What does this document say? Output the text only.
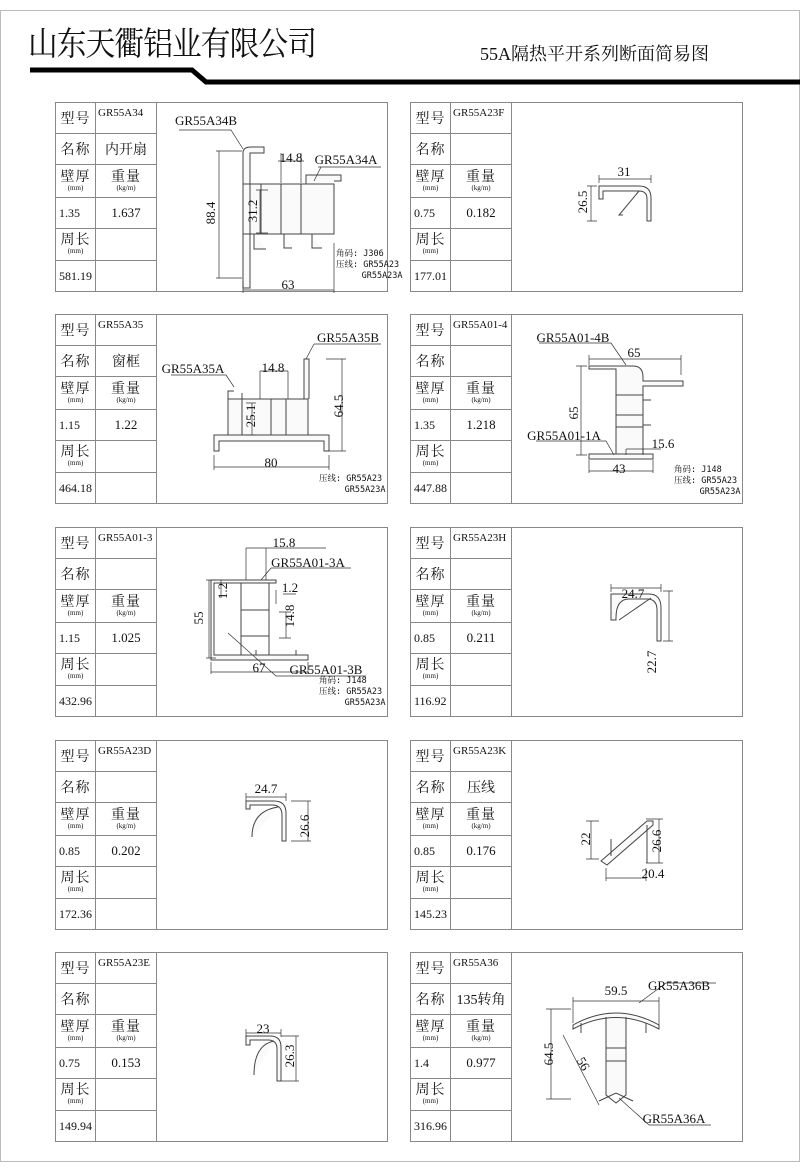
山东天衢铝业有限公司	55A隔热平开系列断面简易图
型号 GR55A34
名称	内开扇
壁厚
(mm)
重量
(kg/m)
1.35	1.637
周长
(mm)
581.19
GR55A34B
14.8 GR55A34A
88.4 31.2
63
角码: J306
压线: GR55A23
GR55A23A
型号 GR55A23F
名称
壁厚
(mm)
重量
(kg/m)
0.75	0.182
周长
(mm)
177.01
31
26.5
型号 GR55A35
名称	窗框
壁厚
(mm)
重量
(kg/m)
1.15	1.22
周长
(mm)
464.18
GR55A35B
GR55A35A	14.8
64.5
25.1
80
压线: GR55A23
GR55A23A
型号 GR55A01-4
名称
壁厚
(mm)
重量
(kg/m)
1.35	1.218
周长
(mm)
447.88
GR55A01-4B
65
65
GR55A01-1A
15.6
43	角码: J148
压线: GR55A23
GR55A23A
型号 GR55A01-3
名称
壁厚
(mm)
重量
(kg/m)
1.15	1.025
周长
(mm)
432.96
15.8
GR55A01-3A
1.2	1.2
14.8
55
67 GR55A01-3B
角码: J148
压线: GR55A23
GR55A23A
型号 GR55A23H
名称
壁厚
(mm)
重量
(kg/m)
0.85	0.211
周长
(mm)
116.92
24.7
22.7
型号 GR55A23D
名称
壁厚
(mm)
重量
(kg/m)
0.85	0.202
周长
(mm)
172.36
24.7
26.6
型号 GR55A23K
名称	压线
壁厚
(mm)
重量
(kg/m)
0.85	0.176
周长
(mm)
145.23
22	26.6
20.4
型号 GR55A23E
名称
壁厚
(mm)
重量
(kg/m)
0.75	0.153
周长
(mm)
149.94
23
26.3
型号 GR55A36
名称 135转角
壁厚
(mm)
重量
(kg/m)
1.4	0.977
周长
(mm)
316.96
59.5 GR55A36B
64.5 56
GR55A36A
